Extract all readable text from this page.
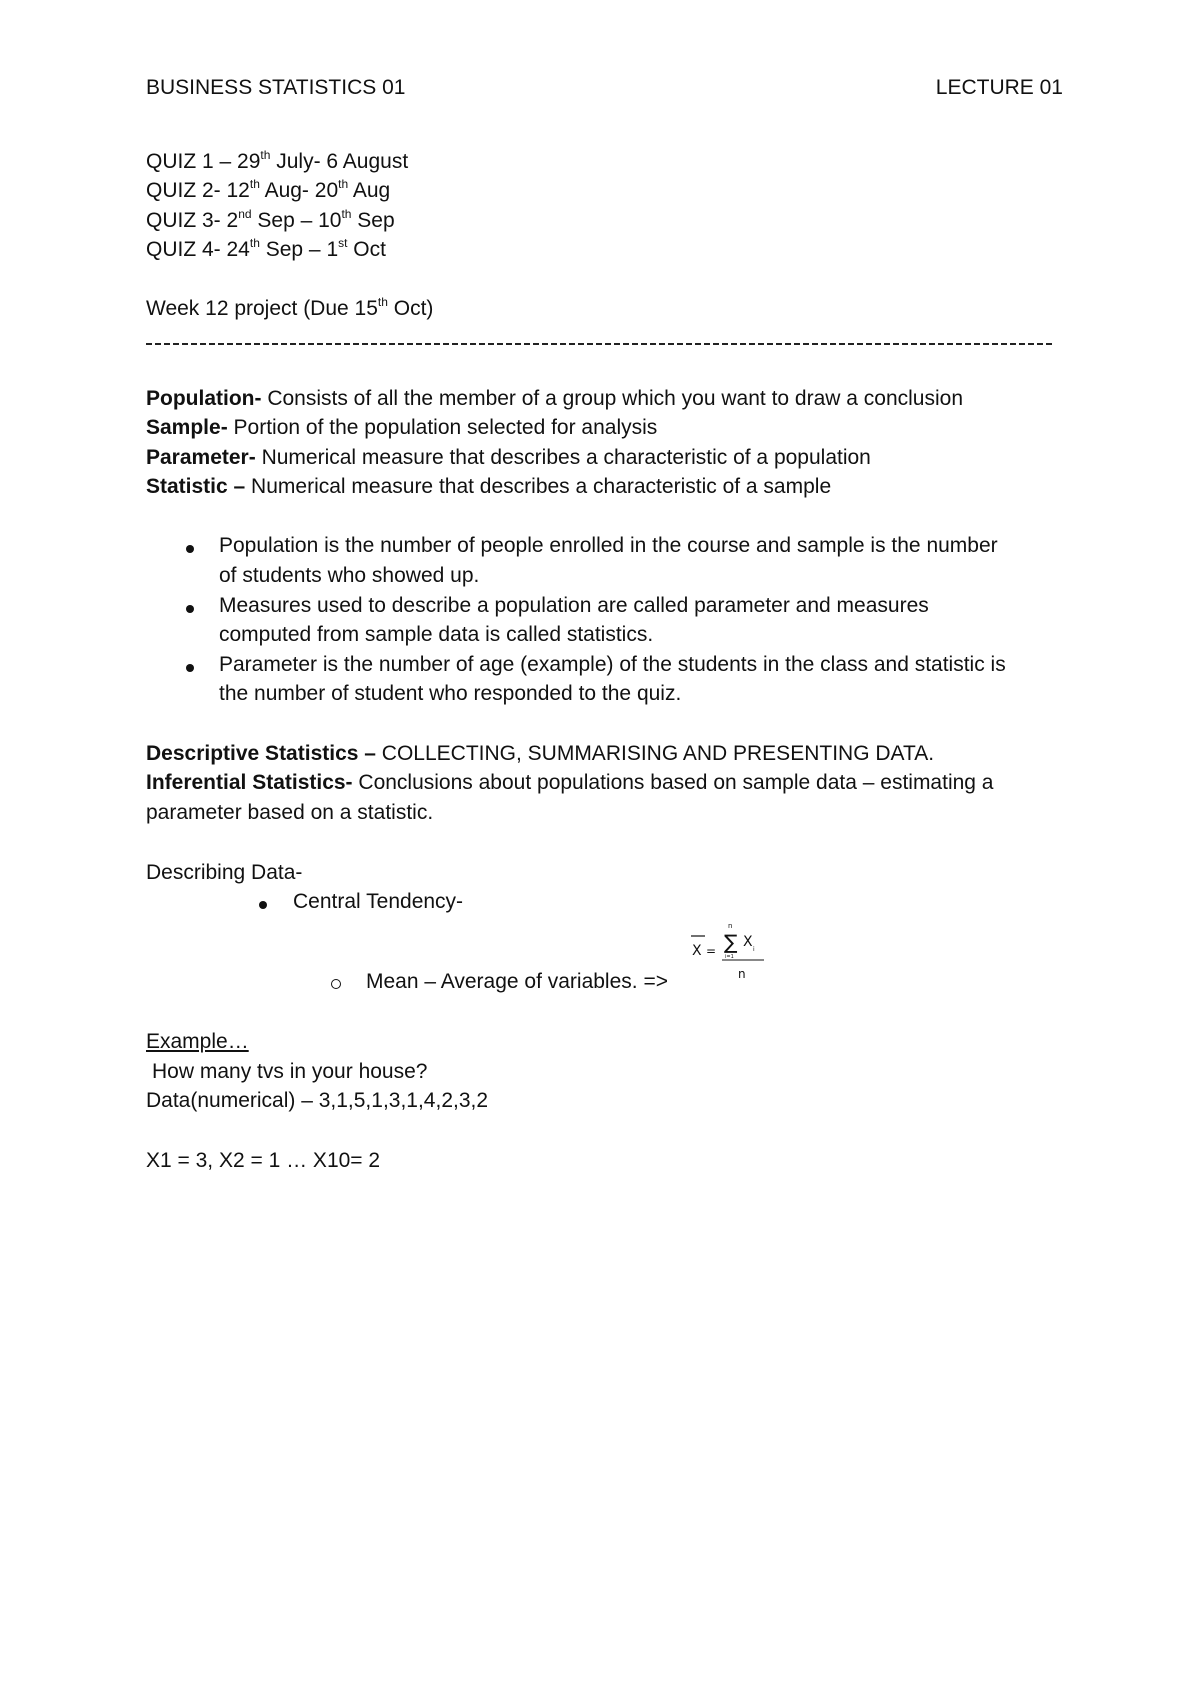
BUSINESS STATISTICS 01	LECTURE 01
QUIZ 1 – 29th July- 6 August
QUIZ 2- 12th Aug- 20th Aug
QUIZ 3- 2nd Sep – 10th Sep
QUIZ 4- 24th Sep – 1st Oct
Week 12 project (Due 15th Oct)
Population- Consists of all the member of a group which you want to draw a conclusion
Sample- Portion of the population selected for analysis
Parameter- Numerical measure that describes a characteristic of a population
Statistic – Numerical measure that describes a characteristic of a sample
Population is the number of people enrolled in the course and sample is the number
of students who showed up.
Measures used to describe a population are called parameter and measures
computed from sample data is called statistics.
Parameter is the number of age (example) of the students in the class and statistic is
the number of student who responded to the quiz.
Descriptive Statistics – COLLECTING, SUMMARISING AND PRESENTING DATA.
Inferential Statistics- Conclusions about populations based on sample data – estimating a
parameter based on a statistic.
Describing Data-
Central Tendency-
Mean – Average of variables. =>
X =
n
∑
i=1
X i
n
Example…
How many tvs in your house?
Data(numerical) – 3,1,5,1,3,1,4,2,3,2
X1 = 3, X2 = 1 … X10= 2
